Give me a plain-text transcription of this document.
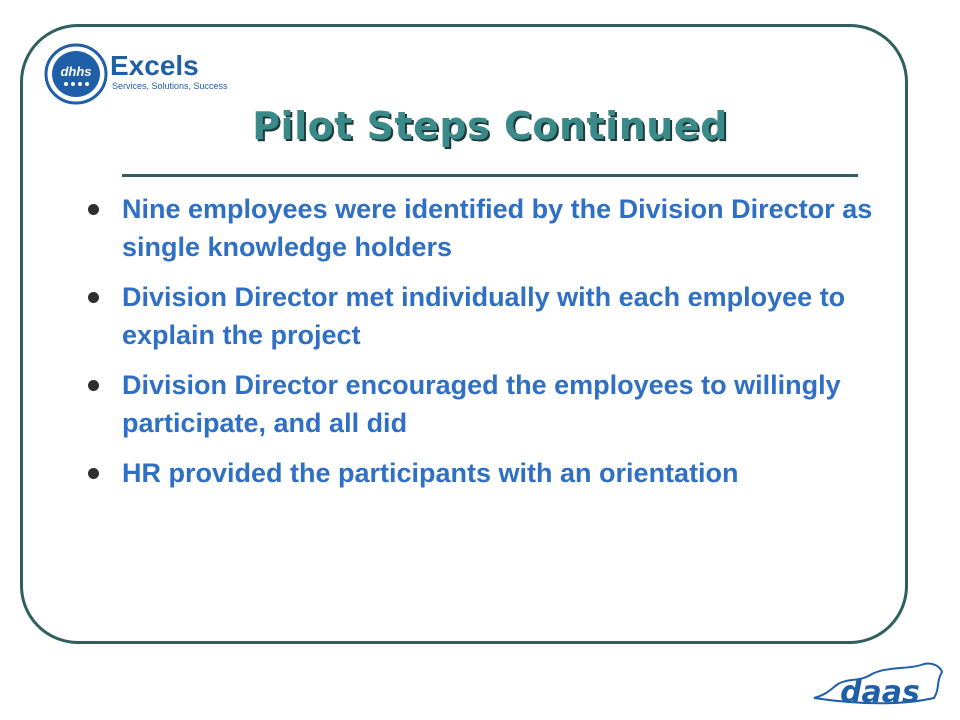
dhhs Excels
Services, Solutions, Success
Pilot Steps Continued
Nine employees were identified by the Division Director as single knowledge holders
Division Director met individually with each employee to explain the project
Division Director encouraged the employees to willingly participate, and all did
HR provided the participants with an orientation
daas
